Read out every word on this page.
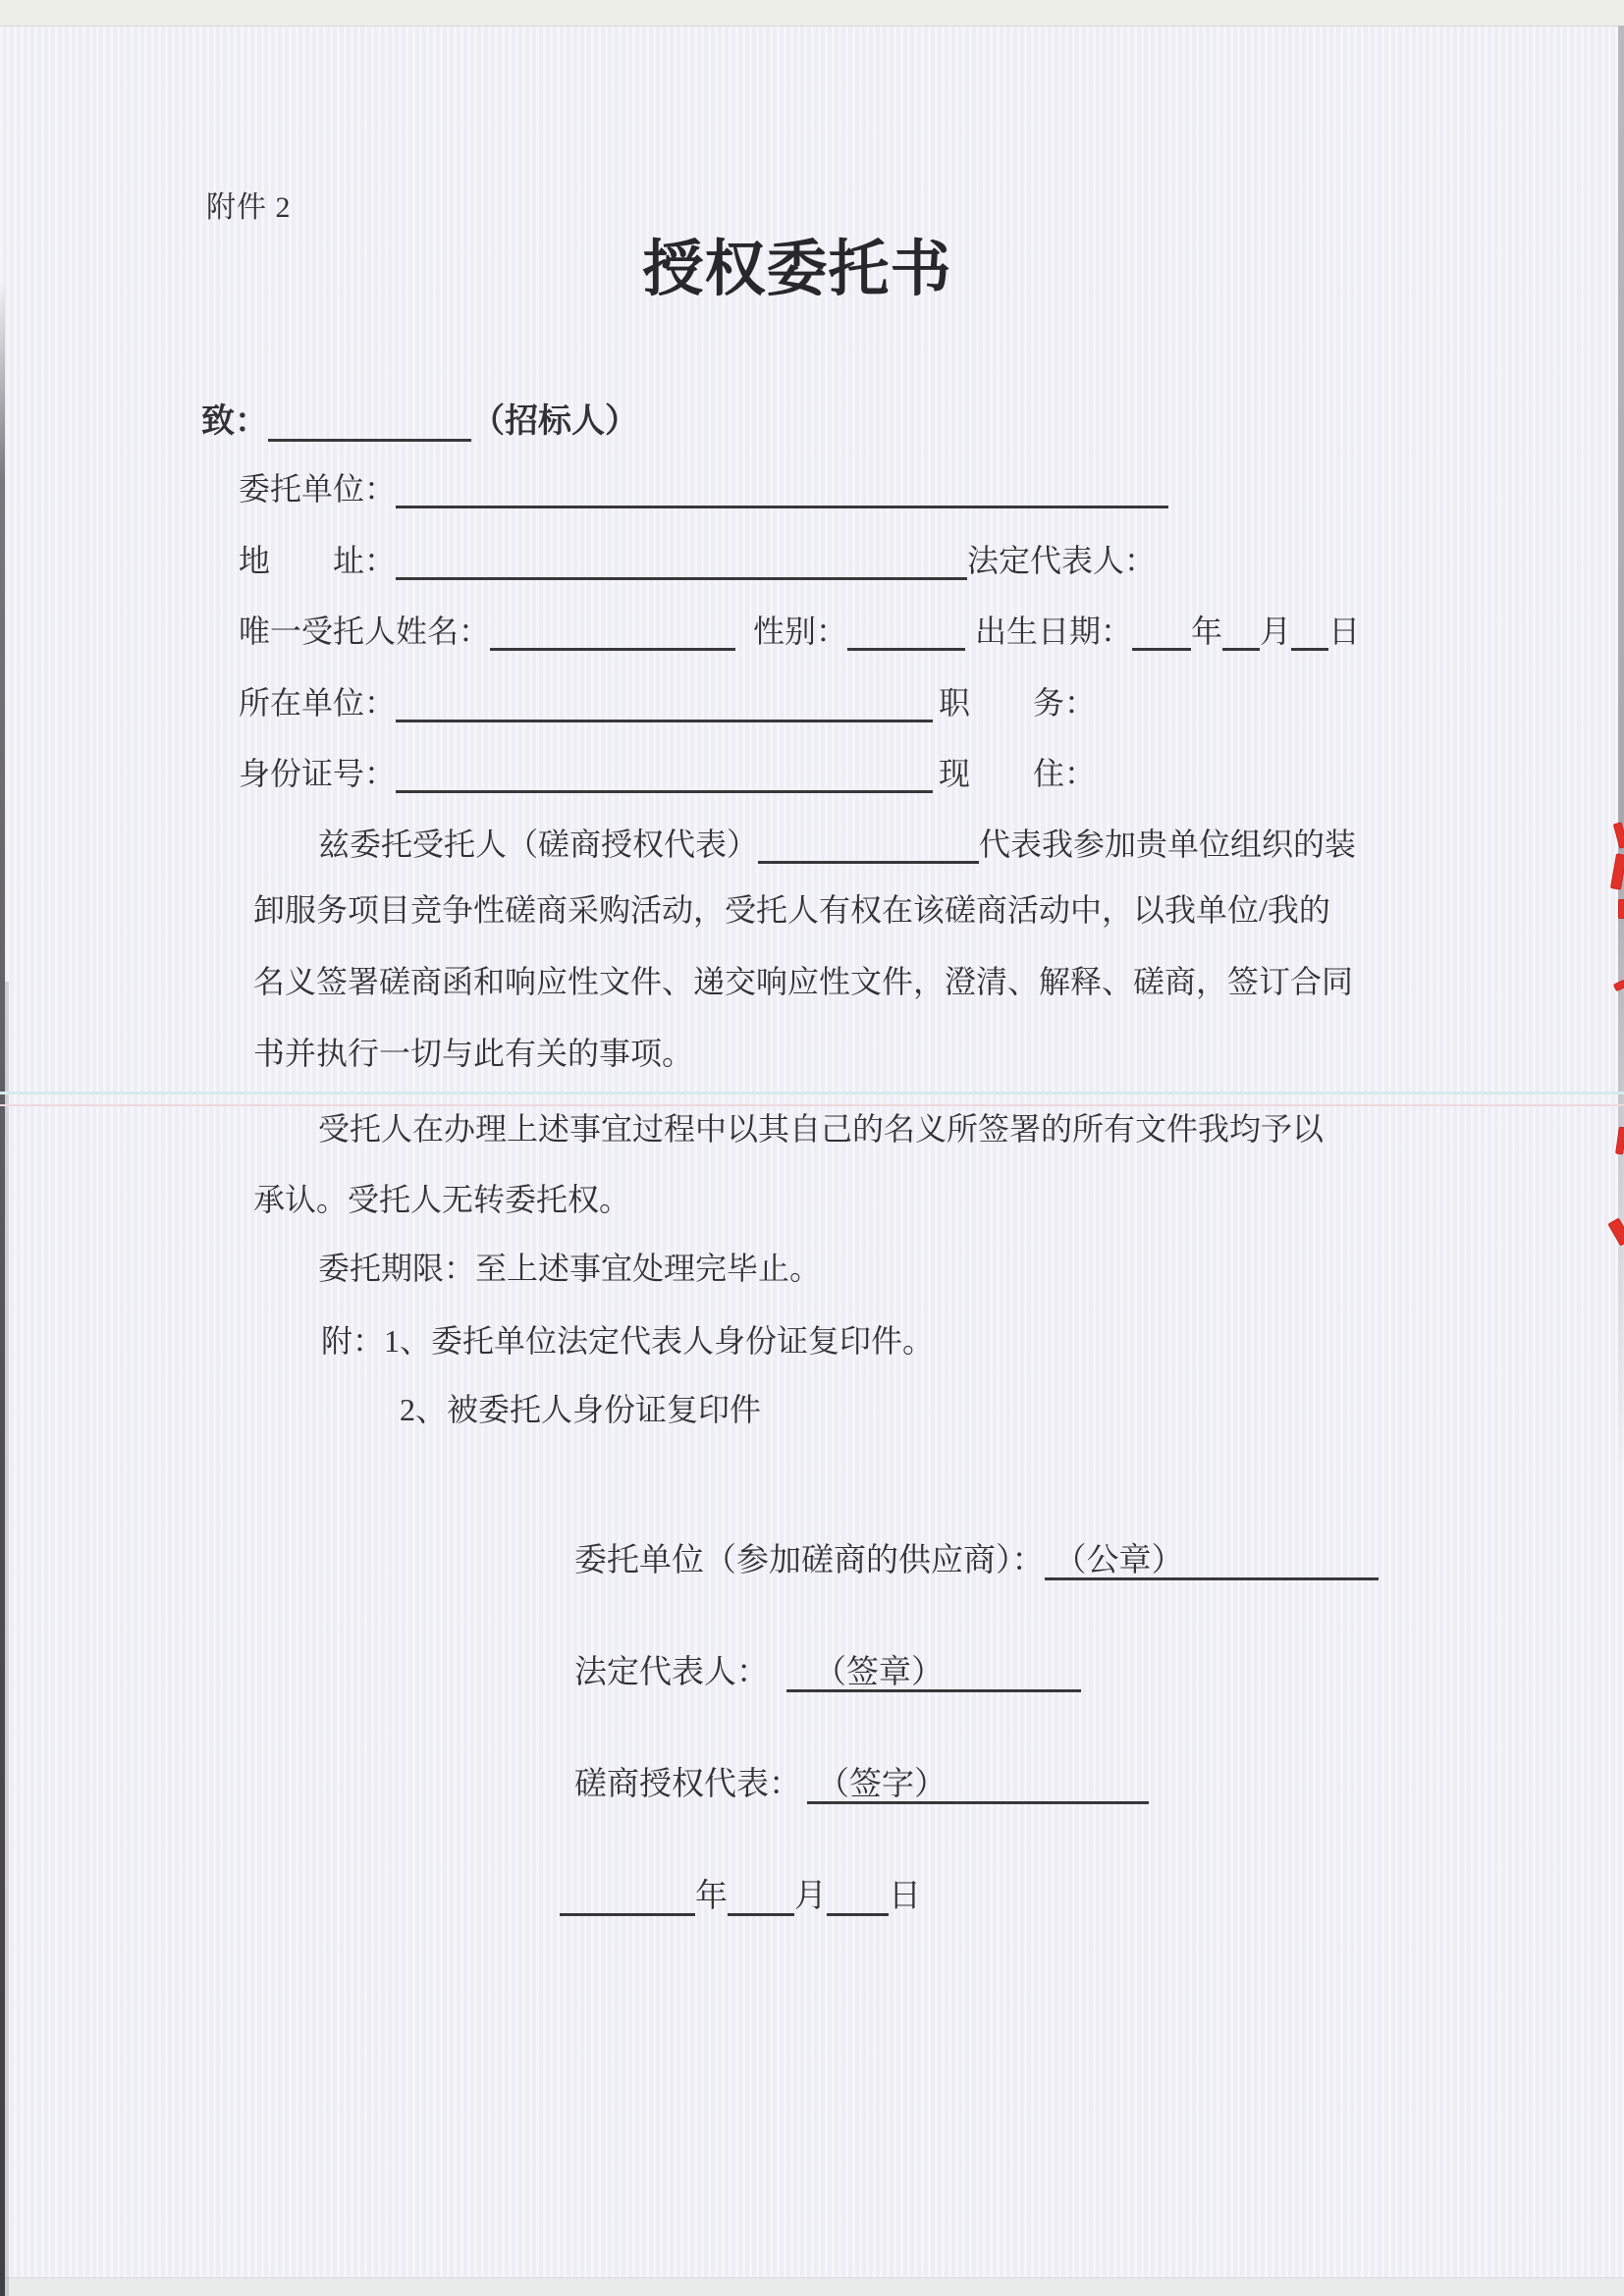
附件 2
授权委托书
致：	（招标人）
委托单位：
地　　址：	法定代表人：
唯一受托人姓名：	性别：	出生日期： 年 月 日
所在单位：	职　　务：
身份证号：	现　　住：
兹委托受托人（磋商授权代表）	代表我参加贵单位组织的装
卸服务项目竞争性磋商采购活动，受托人有权在该磋商活动中，以我单位/我的
名义签署磋商函和响应性文件、递交响应性文件，澄清、解释、磋商，签订合同
书并执行一切与此有关的事项。
受托人在办理上述事宜过程中以其自己的名义所签署的所有文件我均予以
承认。受托人无转委托权。
委托期限：至上述事宜处理完毕止。
附： 1、委托单位法定代表人身份证复印件。
2、被委托人身份证复印件
委托单位（参加磋商的供应商）： （公章）
法定代表人：	（签章）
磋商授权代表： （签字）
年 月 日
